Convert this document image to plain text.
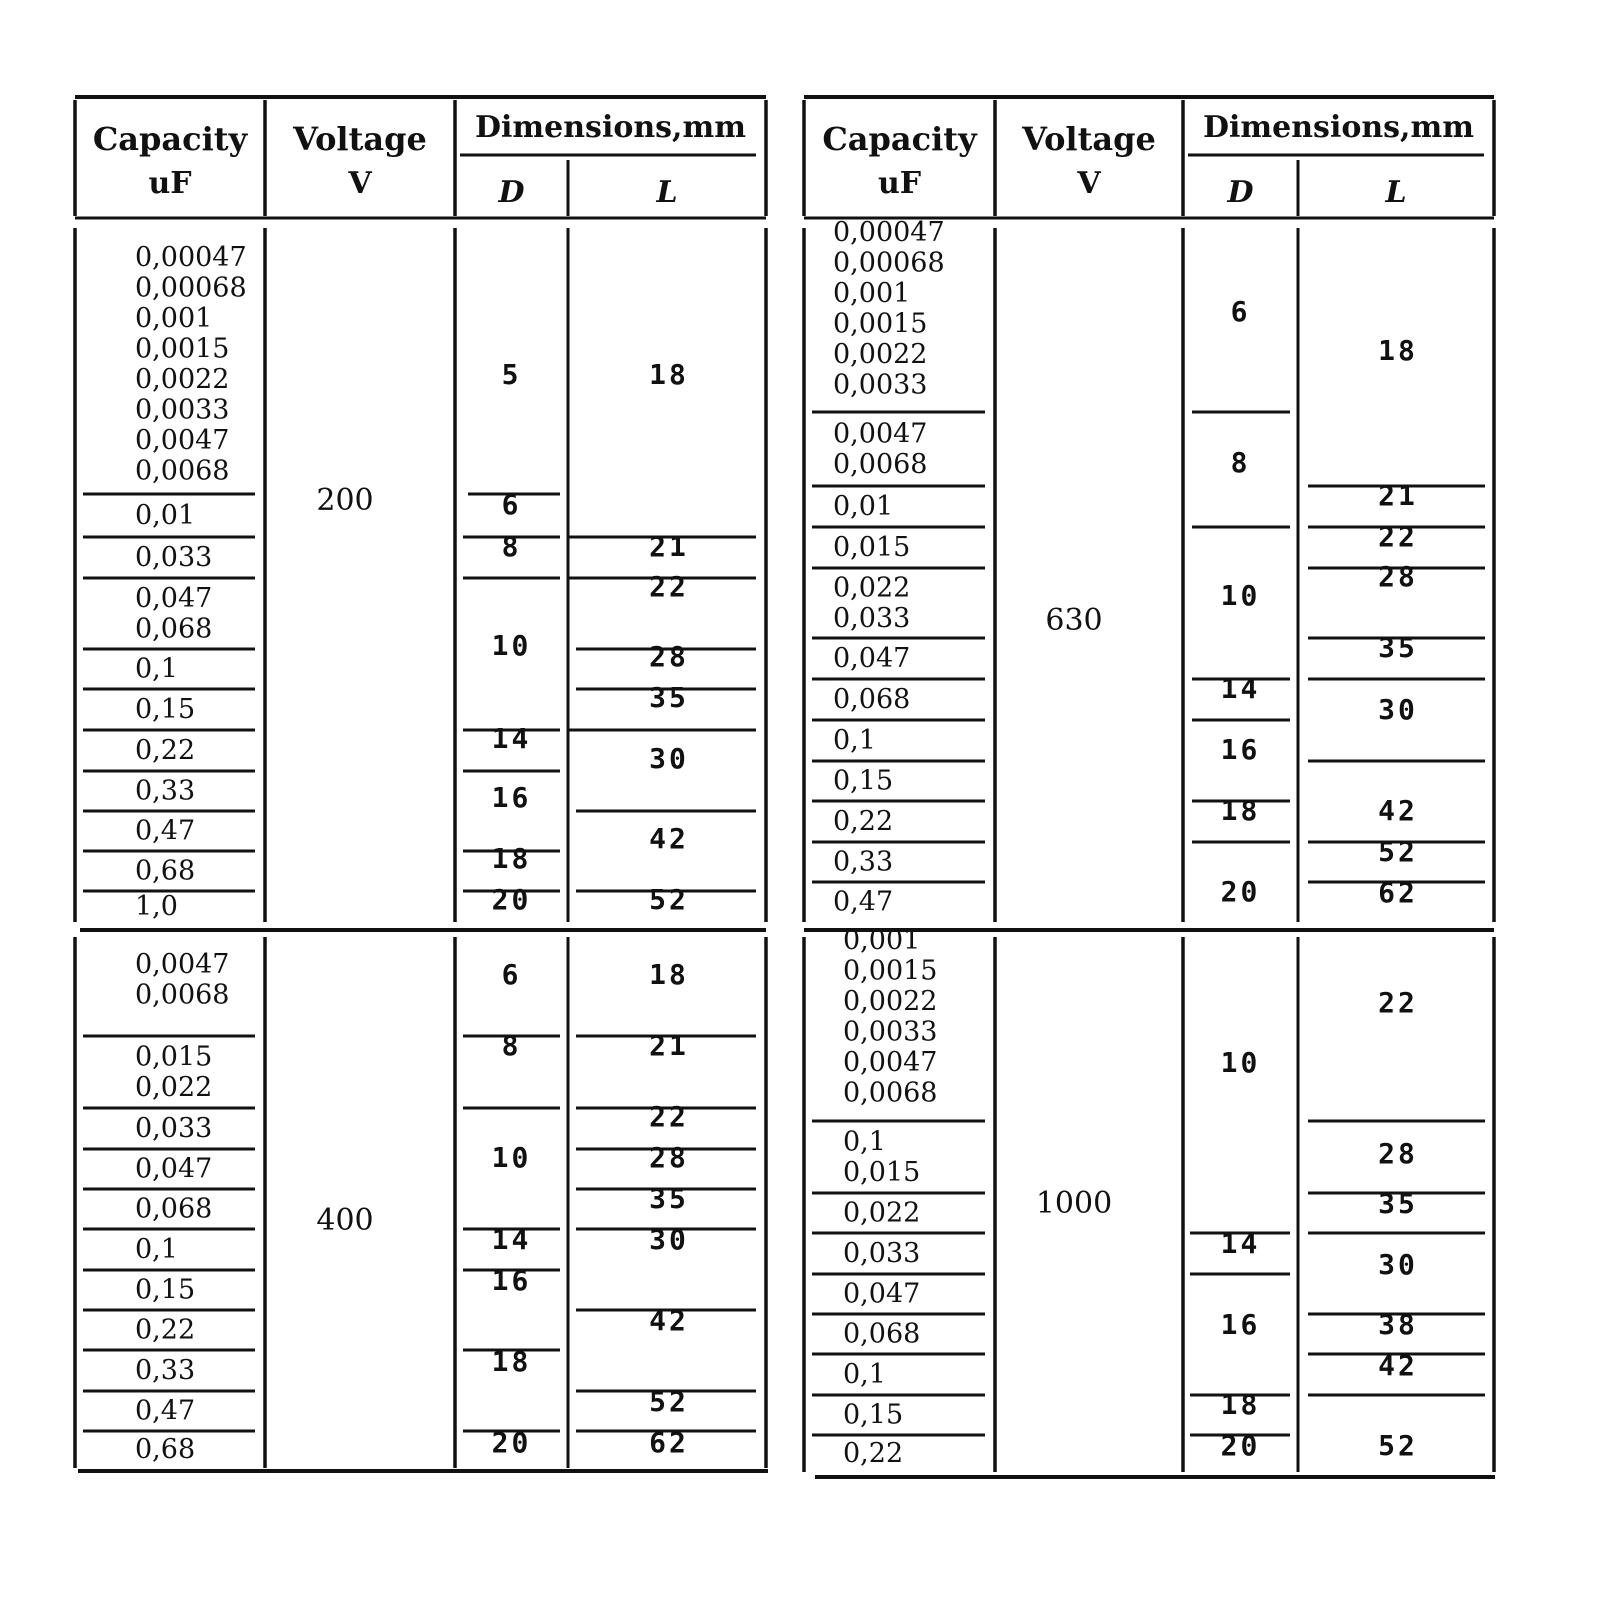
Capacity
uF
Voltage
V
Dimensions,mm
D	L
Capacity
uF
Voltage
V
Dimensions,mm
D	L
0,00047
0,00068
0,001
0,0015
0,0022
0,0033
0,0047
0,0068
0,01
0,033
0,047
0,068
0,1
0,15
0,22
0,33
0,47
0,68
1,0
200
5
6
8
10
14
16
18
20
18
21
22
28
35
30
42
52
0,0047
0,0068
0,015
0,022
0,033
0,047
0,068
0,1
0,15
0,22
0,33
0,47
0,68
400
6
8
10
14
16
18
20
18
21
22
28
35
30
42
52
62
0,00047
0,00068
0,001
0,0015
0,0022
0,0033
0,0047
0,0068
0,01
0,015
0,022
0,033
0,047
0,068
0,1
0,15
0,22
0,33
0,47
630
6
8
10
14
16
18
20
18
21
22
28
35
30
42
52
62
0,001
0,0015
0,0022
0,0033
0,0047
0,0068
0,1
0,015
0,022
0,033
0,047
0,068
0,1
0,15
0,22
1000
10
14
16
18
20
22
28
35
30
38
42
52
